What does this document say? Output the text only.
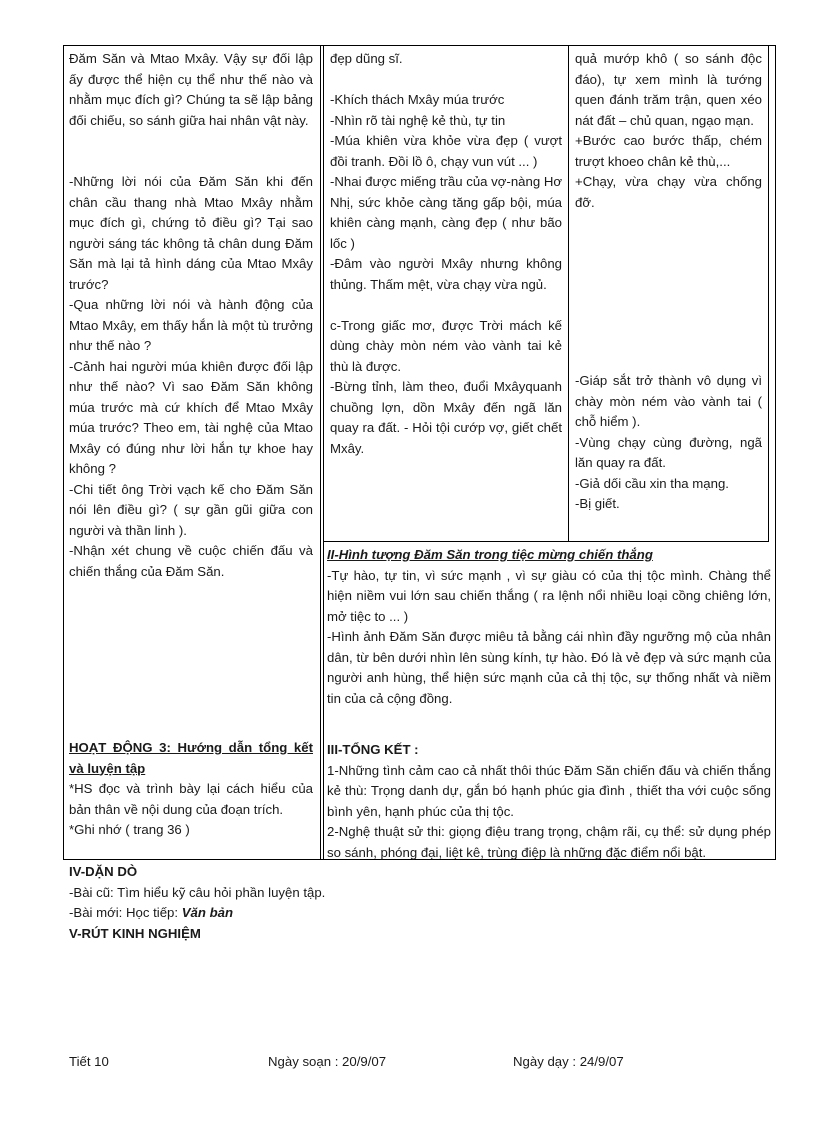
Đăm Săn và Mtao Mxây. Vậy sự đối lập ấy được thể hiện cụ thể như thế nào và nhằm mục đích gì? Chúng ta sẽ lập bảng đối chiếu, so sánh giữa hai nhân vật này.

-Những lời nói của Đăm Săn khi đến chân cầu thang nhà Mtao Mxây nhằm mục đích gì, chứng tỏ điều gì? Tại sao người sáng tác không tả chân dung Đăm Săn mà lại tả hình dáng của Mtao Mxây trước?

-Qua những lời nói và hành động của Mtao Mxây, em thấy hắn là một tù trưởng như thế nào ?

-Cảnh hai người múa khiên được đối lập như thế nào? Vì sao Đăm Săn không múa trước mà cứ khích để Mtao Mxây múa trước? Theo em, tài nghệ của Mtao Mxây có đúng như lời hắn tự khoe hay không ?

-Chi tiết ông Trời vạch kế cho Đăm Săn nói lên điều gì? ( sự gần gũi giữa con người và thần linh ).

-Nhận xét chung về cuộc chiến đấu và chiến thắng của Đăm Săn.

HOẠT ĐỘNG 3: Hướng dẫn tổng kết và luyện tập

*HS đọc và trình bày lại cách hiểu của bản thân về nội dung của đoạn trích.

*Ghi nhớ ( trang 36 )

đẹp dũng sĩ.

-Khích thách Mxây múa trước

-Nhìn rõ tài nghệ kẻ thù, tự tin

-Múa khiên vừa khỏe vừa đẹp ( vượt đồi tranh. Đồi lồ ô, chạy vun vút ... )

-Nhai được miếng trầu của vợ-nàng Hơ Nhị, sức khỏe càng tăng gấp bội, múa khiên càng mạnh, càng đẹp ( như bão lốc )

-Đâm vào người Mxây nhưng không thủng. Thấm mệt, vừa chạy vừa ngủ.

c-Trong giấc mơ, được Trời mách kế dùng chày mòn ném vào vành tai kẻ thù là được.

-Bừng tỉnh, làm theo, đuổi Mxâyquanh chuồng lợn, dồn Mxây đến ngã lăn quay ra đất. - Hỏi tội cướp vợ, giết chết Mxây.

quả mướp khô ( so sánh độc đáo), tự xem mình là tướng quen đánh trăm trận, quen xéo nát đất – chủ quan, ngạo mạn.

+Bước cao bước thấp, chém trượt khoeo chân kẻ thù,...

+Chạy, vừa chạy vừa chống đỡ.

-Giáp sắt trở thành vô dụng vì chày mòn ném vào vành tai ( chỗ hiểm ).

-Vùng chạy cùng đường, ngã lăn quay ra đất.

-Giả dối cầu xin tha mạng.

-Bị giết.

II-Hình tượng Đăm Săn trong tiệc mừng chiến thắng

-Tự hào, tự tin, vì sức mạnh , vì sự giàu có của thị tộc mình. Chàng thể hiện niềm vui lớn sau chiến thắng ( ra lệnh nổi nhiều loại cồng chiêng lớn, mở tiệc to ... )

-Hình ảnh Đăm Săn được miêu tả bằng cái nhìn đầy ngưỡng mộ của nhân dân, từ bên dưới nhìn lên sùng kính, tự hào. Đó là vẻ đẹp và sức mạnh của người anh hùng, thể hiện sức mạnh của cả thị tộc, sự thống nhất và niềm tin của cả cộng đồng.

III-TỔNG KẾT :

1-Những tình cảm cao cả nhất thôi thúc Đăm Săn chiến đấu và chiến thắng kẻ thù: Trọng danh dự, gắn bó hạnh phúc gia đình , thiết tha với cuộc sống bình yên, hạnh phúc của thị tộc.

2-Nghệ thuật sử thi: giọng điệu trang trọng, chậm rãi, cụ thể: sử dụng phép so sánh, phóng đại, liệt kê, trùng điệp là những đặc điểm nổi bật.

IV-DẶN DÒ

-Bài cũ: Tìm hiểu kỹ câu hỏi phần luyện tập.

-Bài mới: Học tiếp: Văn bản

V-RÚT KINH NGHIỆM

Tiết 10	Ngày soạn : 20/9/07	Ngày dạy : 24/9/07
